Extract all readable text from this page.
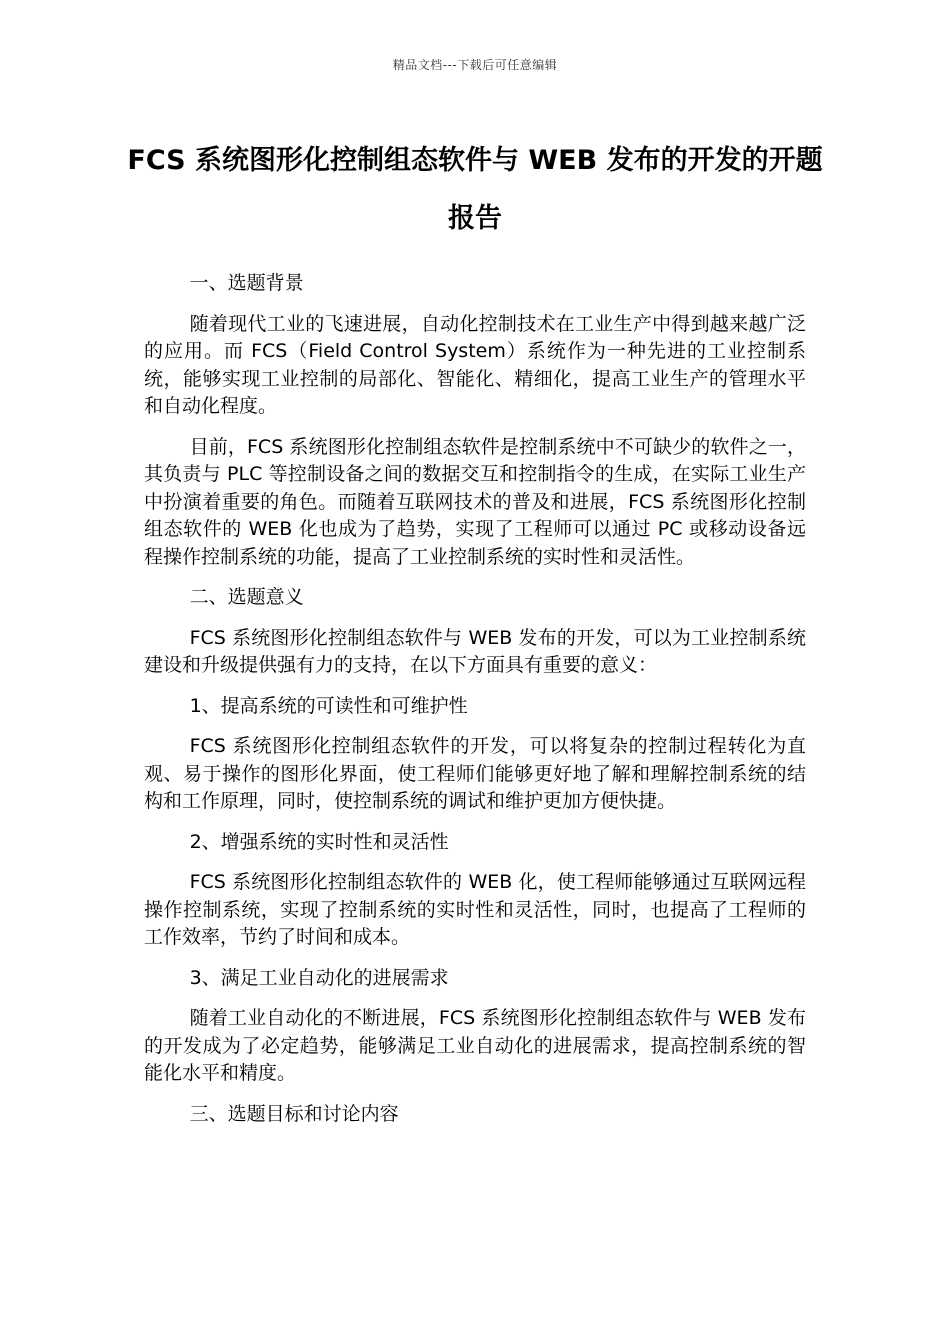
精品文档---下载后可任意编辑
FCS 系统图形化控制组态软件与 WEB 发布的开发的开题报告

一、选题背景

随着现代工业的飞速进展，自动化控制技术在工业生产中得到越来越广泛的应用。而 FCS（Field Control System）系统作为一种先进的工业控制系统，能够实现工业控制的局部化、智能化、精细化，提高工业生产的管理水平和自动化程度。

目前，FCS 系统图形化控制组态软件是控制系统中不可缺少的软件之一，其负责与 PLC 等控制设备之间的数据交互和控制指令的生成，在实际工业生产中扮演着重要的角色。而随着互联网技术的普及和进展，FCS 系统图形化控制组态软件的 WEB 化也成为了趋势，实现了工程师可以通过 PC 或移动设备远程操作控制系统的功能，提高了工业控制系统的实时性和灵活性。

二、选题意义

FCS 系统图形化控制组态软件与 WEB 发布的开发，可以为工业控制系统建设和升级提供强有力的支持，在以下方面具有重要的意义：

1、提高系统的可读性和可维护性

FCS 系统图形化控制组态软件的开发，可以将复杂的控制过程转化为直观、易于操作的图形化界面，使工程师们能够更好地了解和理解控制系统的结构和工作原理，同时，使控制系统的调试和维护更加方便快捷。

2、增强系统的实时性和灵活性

FCS 系统图形化控制组态软件的 WEB 化，使工程师能够通过互联网远程操作控制系统，实现了控制系统的实时性和灵活性，同时，也提高了工程师的工作效率，节约了时间和成本。

3、满足工业自动化的进展需求

随着工业自动化的不断进展，FCS 系统图形化控制组态软件与 WEB 发布的开发成为了必定趋势，能够满足工业自动化的进展需求，提高控制系统的智能化水平和精度。

三、选题目标和讨论内容
